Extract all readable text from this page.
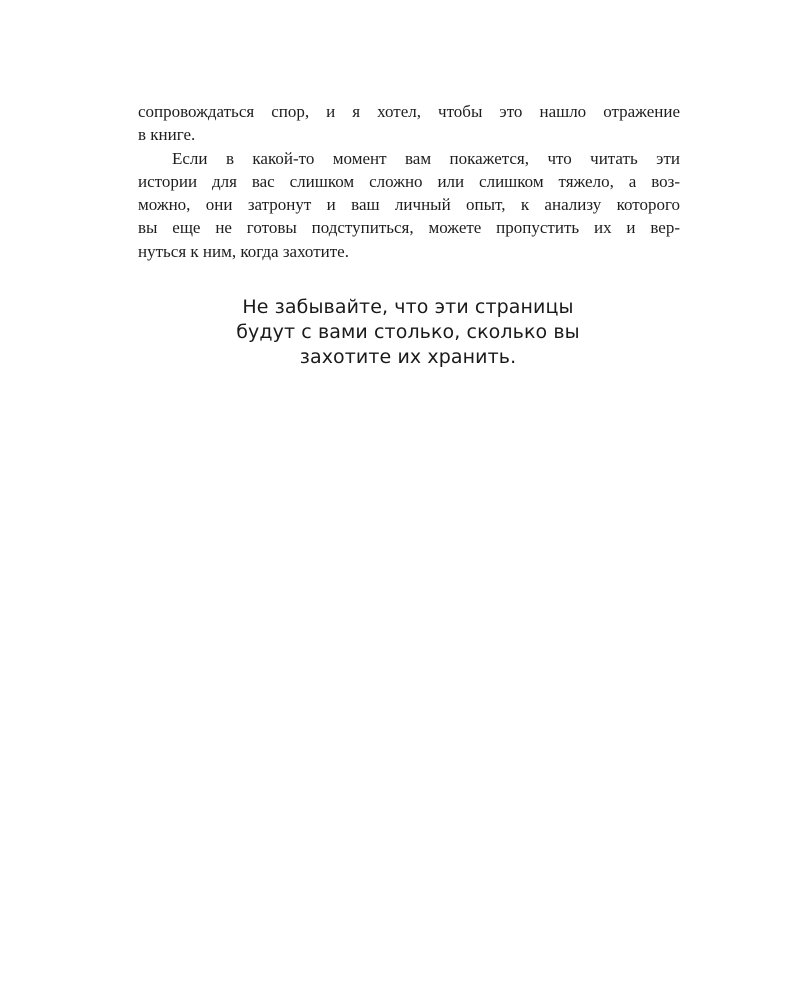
сопровождаться спор, и я хотел, чтобы это нашло отражение
в книге.
Если в какой-то момент вам покажется, что читать эти
истории для вас слишком сложно или слишком тяжело, а воз-
можно, они затронут и ваш личный опыт, к анализу которого
вы еще не готовы подступиться, можете пропустить их и вер-
нуться к ним, когда захотите.
Не забывайте, что эти страницы
будут с вами столько, сколько вы
захотите их хранить.
